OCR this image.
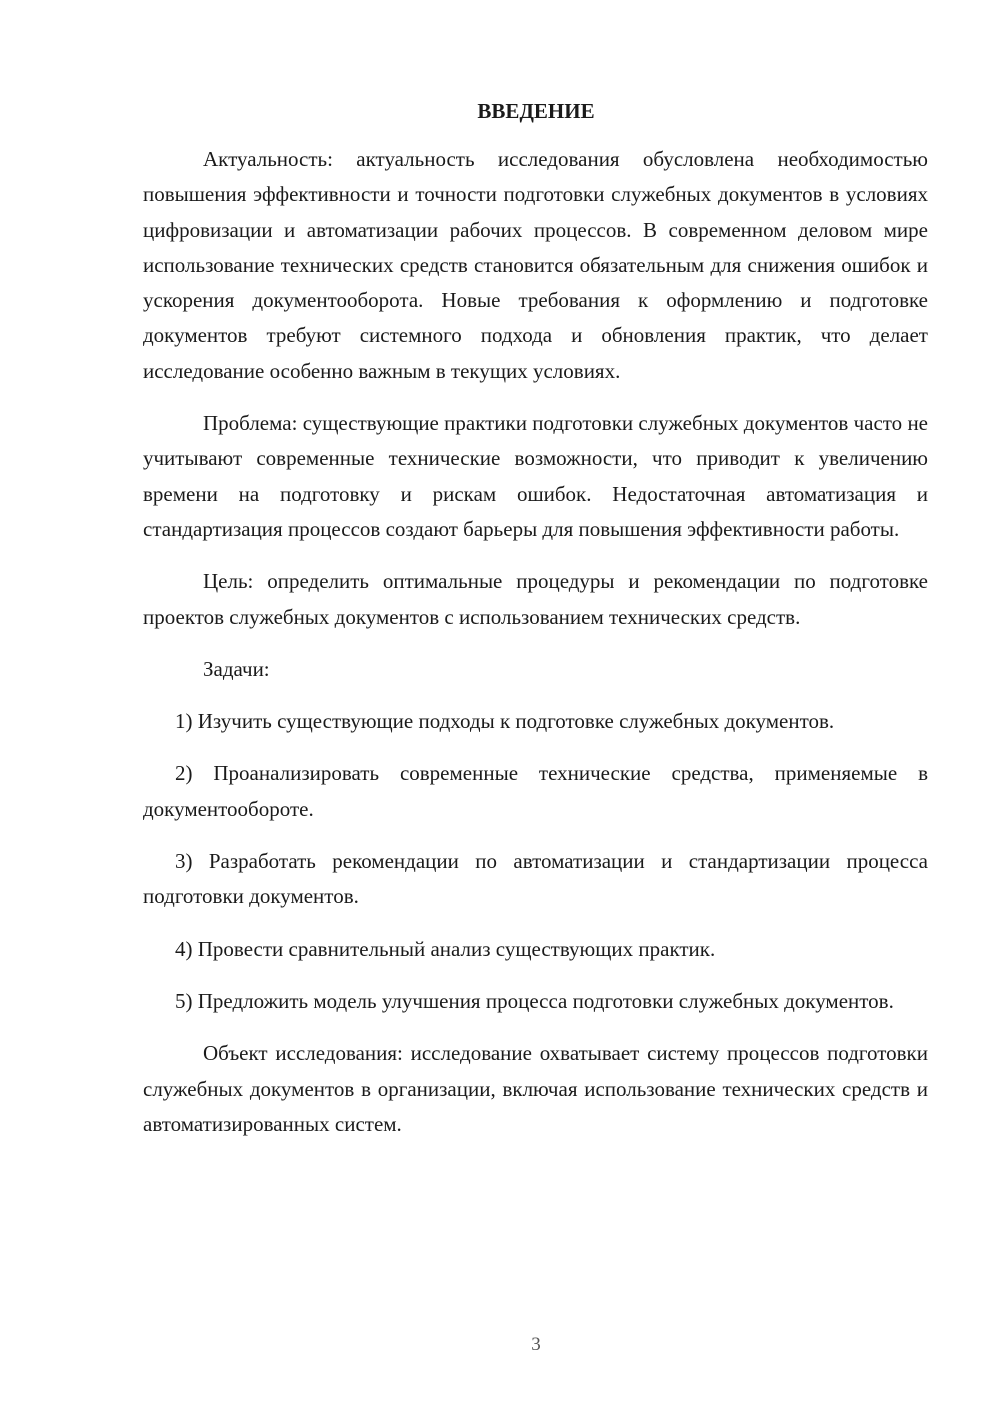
ВВЕДЕНИЕ

Актуальность: актуальность исследования обусловлена необходимостью повышения эффективности и точности подготовки служебных документов в условиях цифровизации и автоматизации рабочих процессов. В современном деловом мире использование технических средств становится обязательным для снижения ошибок и ускорения документооборота. Новые требования к оформлению и подготовке документов требуют системного подхода и обновления практик, что делает исследование особенно важным в текущих условиях.

Проблема: существующие практики подготовки служебных документов часто не учитывают современные технические возможности, что приводит к увеличению времени на подготовку и рискам ошибок. Недостаточная автоматизация и стандартизация процессов создают барьеры для повышения эффективности работы.

Цель: определить оптимальные процедуры и рекомендации по подготовке проектов служебных документов с использованием технических средств.

Задачи:

1) Изучить существующие подходы к подготовке служебных документов.

2) Проанализировать современные технические средства, применяемые в документообороте.

3) Разработать рекомендации по автоматизации и стандартизации процесса подготовки документов.

4) Провести сравнительный анализ существующих практик.

5) Предложить модель улучшения процесса подготовки служебных документов.

Объект исследования: исследование охватывает систему процессов подготовки служебных документов в организации, включая использование технических средств и автоматизированных систем.

3
